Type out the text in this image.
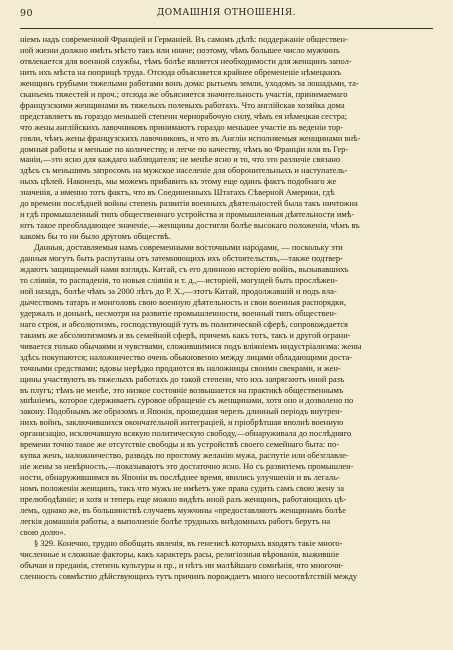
90	ДОМАШНІЯ ОТНОШЕНІЯ.
ніемъ надъ современной Франціей и Германіей. Въ самомъ дѣлѣ: поддержаніе обществен-
ной жизни должно имѣть мѣсто такъ или иначе; поэтому, чѣмъ большее число мужчинъ
отвлекается для военной службы, тѣмъ болѣе является необходимости для женщинъ запол-
нить ихъ мѣста на поприщѣ труда. Отсюда объясняется крайнее обремененіе нѣмецкихъ
женщинъ грубыми тяжелыми работами вонъ дома: рытьемъ земли, уходомъ за лошадьми, та-
сканьемъ тяжестей и проч.; отсюда же объясняется значительность участія, принимаемаго
французскими женщинами въ тяжелыхъ полевыхъ работахъ. Что англійская хозяйка дома
представляетъ въ гораздо меньшей степени чернорабочую силу, чѣмъ ея нѣмецкая сестра;
что жены англійскихъ лавочниковъ принимаютъ гораздо меньшее участіе въ веденіи тор-
говли, чѣмъ жены французскихъ лавочниковъ, и что въ Англіи исполняемыя женщинами внѣ-
домныя работы и меньше по количеству, и легче по качеству, чѣмъ во Франціи или въ Гер-
маніи,—это ясно для каждаго наблюдателя; не менѣе ясно и то, что это различіе связано
здѣсь съ меньшимъ запросомъ на мужское населеніе для оборонительныхъ и наступатель-
ныхъ цѣлей. Наконецъ, мы можемъ прибавить къ этому еще одинъ фактъ подобнаго же
значенія, а именно тотъ фактъ, что въ Соединенныхъ Штатахъ Сѣверной Америки, гдѣ
до времени послѣдней войны степень развитія военныхъ дѣятельностей была такъ ничтожна
и гдѣ промышленный типъ общественнаго устройства и промышленныя дѣятельности имѣ-
ютъ такое преобладающее значеніе,—женщины достигли болѣе высокаго положенія, чѣмъ въ
какомъ бы то ни было другомъ обществѣ.
Данныя, доставляемыя намъ современными восточными народами, — поскольку эти
данныя могутъ быть распутаны отъ затемняющихъ ихъ обстоятельствъ,—также подтвер-
ждаютъ защищаемый нами взглядъ. Китай, съ его длинною исторіею войнъ, вызывавшихъ
то сліянія, то распаденія, то новыя сліянія и т. д.,—исторіей, могущей быть прослѣжен-
ной назадъ, болѣе чѣмъ за 2000 лѣтъ до Р. Х.,—этотъ Китай, продолжавшій и подъ вла-
дычествомъ татаръ и монголовъ свою военную дѣятельность и свои военныя распорядки,
удержалъ и донынѣ, несмотря на развитіе промышленности, военный типъ обществен-
наго строя, и абсолютизмъ, господствующій тутъ въ политической сферѣ, сопровождается
такимъ же абсолютизмомъ и въ семейной сферѣ, причемъ какъ тотъ, такъ и другой ограни-
чивается только обычаями и чувствами, сложившимися подъ вліяніемъ индустріализма: жены
здѣсь покупаются; наложничество очень обыкновенно между лицами обладающими доста-
точными средствами; вдовы нерѣдко продаются въ наложницы своими свекрами, и жен-
щины участвуютъ въ тяжелыхъ работахъ до такой степени, что ихъ запрягаютъ иной разъ
въ плугъ; тѣмъ не менѣе, это низкое состояніе возвышается на практикѣ общественнымъ
мнѣніемъ, которое сдерживаетъ суровое обращеніе съ женщинами, хотя оно и дозволено по
закону. Подобнымъ же образомъ и Японія, прошедшая черезъ длинный періодъ внутрен-
нихъ войнъ, заключившихся окончательной интеграціей, и пріобрѣтшая вполнѣ военную
организацію, исключавшую всякую политическую свободу,—обнаруживала до послѣдняго
времени точно такое же отсутствіе свободы и въ устройствѣ своего семейнаго быта: по-
купка женъ, наложничество, разводъ по простому желанію мужа, распутіе или обезглавле-
ніе жены за невѣрность,—показываютъ это достаточно ясно. Но съ развитіемъ промышлен-
ности, обнаружившимся въ Японіи въ послѣднее время, явились улучшенія и въ легаль-
номъ положеніи женщинъ, такъ что мужъ не имѣетъ уже права судить самъ свою жену за
прелюбодѣяніе; и хотя и теперь еще можно видѣть иной разъ женщинъ, работающихъ цѣ-
лемъ, однако же, въ большинствѣ случаевъ мужчины «предоставляютъ женщинамъ болѣе
легкія домашнія работы, а выполненіе болѣе трудныхъ внѣдомныхъ работъ берутъ на
свою долю».
§ 329. Конечно, трудно обобщать явленія, въ генезисѣ которыхъ входятъ такіе много-
численные и сложные факторы, какъ характеръ расы, религіозныя вѣрованія, выжившіе
обычаи и преданія, степень культуры и пр., и нѣтъ ни малѣйшаго сомнѣнія, что многочи-
сленность совмѣстно дѣйствующихъ тутъ причинъ порождаетъ много несоотвѣтствій между
